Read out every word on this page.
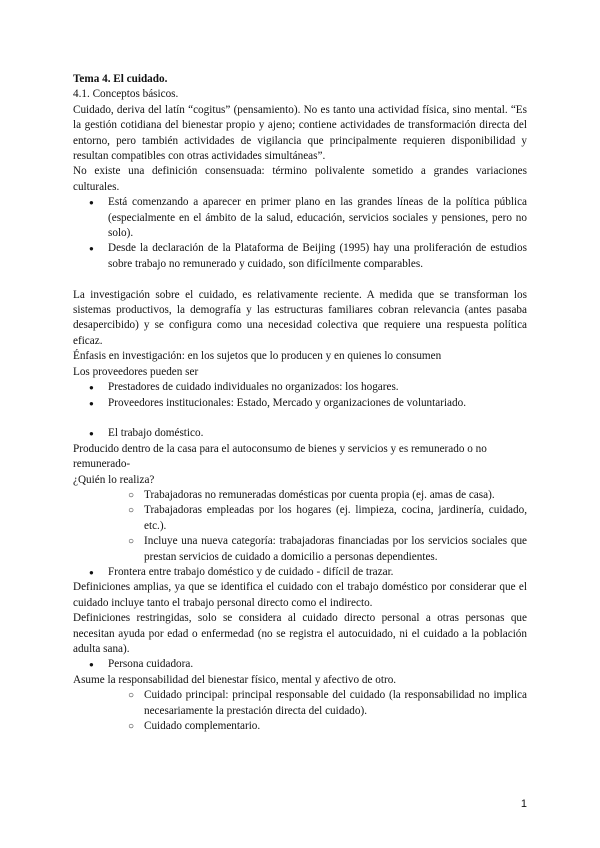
Tema 4. El cuidado.

4.1. Conceptos básicos.

Cuidado, deriva del latín “cogitus” (pensamiento). No es tanto una actividad física, sino mental. “Es la gestión cotidiana del bienestar propio y ajeno; contiene actividades de transformación directa del entorno, pero también actividades de vigilancia que principalmente requieren disponibilidad y resultan compatibles con otras actividades simultáneas”.

No existe una definición consensuada: término polivalente sometido a grandes variaciones culturales.

● Está comenzando a aparecer en primer plano en las grandes líneas de la política pública (especialmente en el ámbito de la salud, educación, servicios sociales y pensiones, pero no solo).
● Desde la declaración de la Plataforma de Beijing (1995) hay una proliferación de estudios sobre trabajo no remunerado y cuidado, son difícilmente comparables.

La investigación sobre el cuidado, es relativamente reciente. A medida que se transforman los sistemas productivos, la demografía y las estructuras familiares cobran relevancia (antes pasaba desapercibido) y se configura como una necesidad colectiva que requiere una respuesta política eficaz.

Énfasis en investigación: en los sujetos que lo producen y en quienes lo consumen

Los proveedores pueden ser

● Prestadores de cuidado individuales no organizados: los hogares.
● Proveedores institucionales: Estado, Mercado y organizaciones de voluntariado.
● El trabajo doméstico.

Producido dentro de la casa para el autoconsumo de bienes y servicios y es remunerado o no remunerado-

¿Quién lo realiza?

○ Trabajadoras no remuneradas domésticas por cuenta propia (ej. amas de casa).
○ Trabajadoras empleadas por los hogares (ej. limpieza, cocina, jardinería, cuidado, etc.).
○ Incluye una nueva categoría: trabajadoras financiadas por los servicios sociales que prestan servicios de cuidado a domicilio a personas dependientes.
● Frontera entre trabajo doméstico y de cuidado - difícil de trazar.

Definiciones amplias, ya que se identifica el cuidado con el trabajo doméstico por considerar que el cuidado incluye tanto el trabajo personal directo como el indirecto.

Definiciones restringidas, solo se considera al cuidado directo personal a otras personas que necesitan ayuda por edad o enfermedad (no se registra el autocuidado, ni el cuidado a la población adulta sana).

● Persona cuidadora.

Asume la responsabilidad del bienestar físico, mental y afectivo de otro.

○ Cuidado principal: principal responsable del cuidado (la responsabilidad no implica necesariamente la prestación directa del cuidado).
○ Cuidado complementario.
1
